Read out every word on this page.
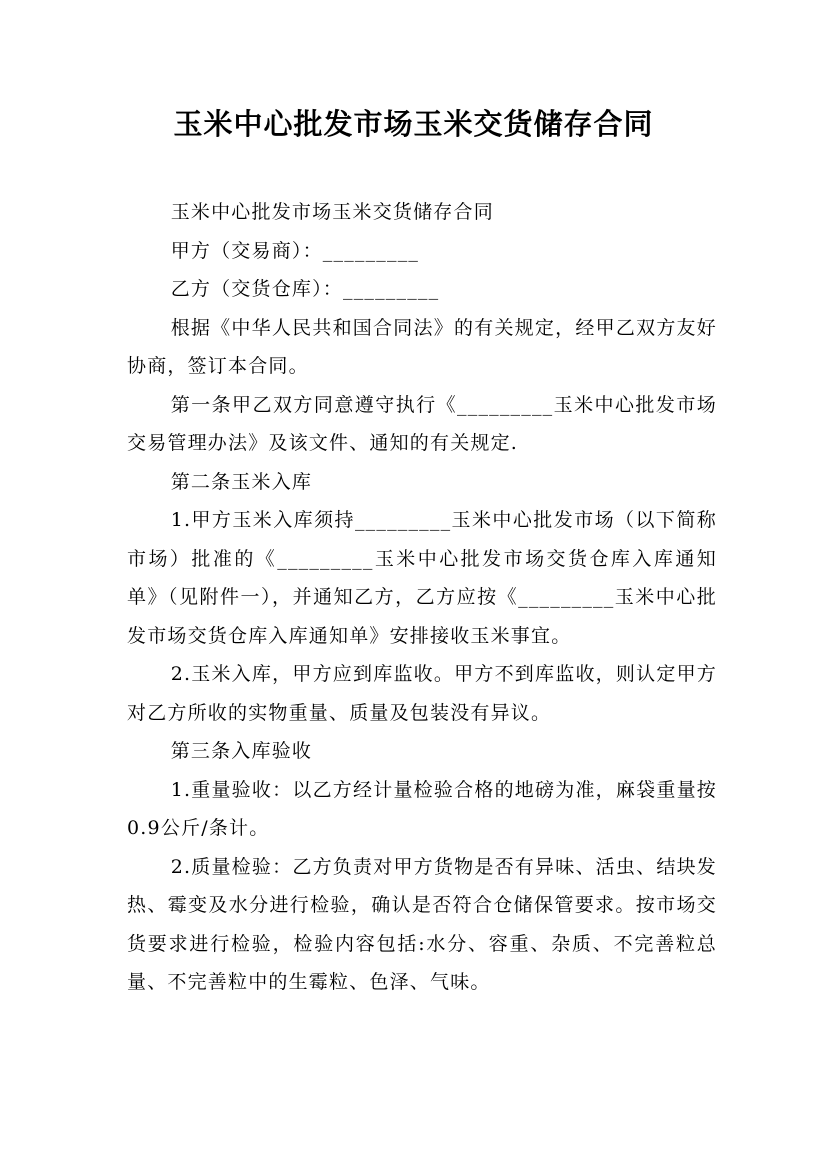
玉米中心批发市场玉米交货储存合同

玉米中心批发市场玉米交货储存合同

甲方（交易商）：_________

乙方（交货仓库）：_________

根据《中华人民共和国合同法》的有关规定，经甲乙双方友好协商，签订本合同。

第一条甲乙双方同意遵守执行《_________玉米中心批发市场交易管理办法》及该文件、通知的有关规定.

第二条玉米入库

1.甲方玉米入库须持_________玉米中心批发市场（以下简称市场）批准的《_________玉米中心批发市场交货仓库入库通知单》（见附件一），并通知乙方，乙方应按《_________玉米中心批发市场交货仓库入库通知单》安排接收玉米事宜。

2.玉米入库，甲方应到库监收。甲方不到库监收，则认定甲方对乙方所收的实物重量、质量及包装没有异议。

第三条入库验收

1.重量验收：以乙方经计量检验合格的地磅为准，麻袋重量按0.9公斤/条计。

2.质量检验：乙方负责对甲方货物是否有异味、活虫、结块发热、霉变及水分进行检验，确认是否符合仓储保管要求。按市场交货要求进行检验，检验内容包括:水分、容重、杂质、不完善粒总量、不完善粒中的生霉粒、色泽、气味。
